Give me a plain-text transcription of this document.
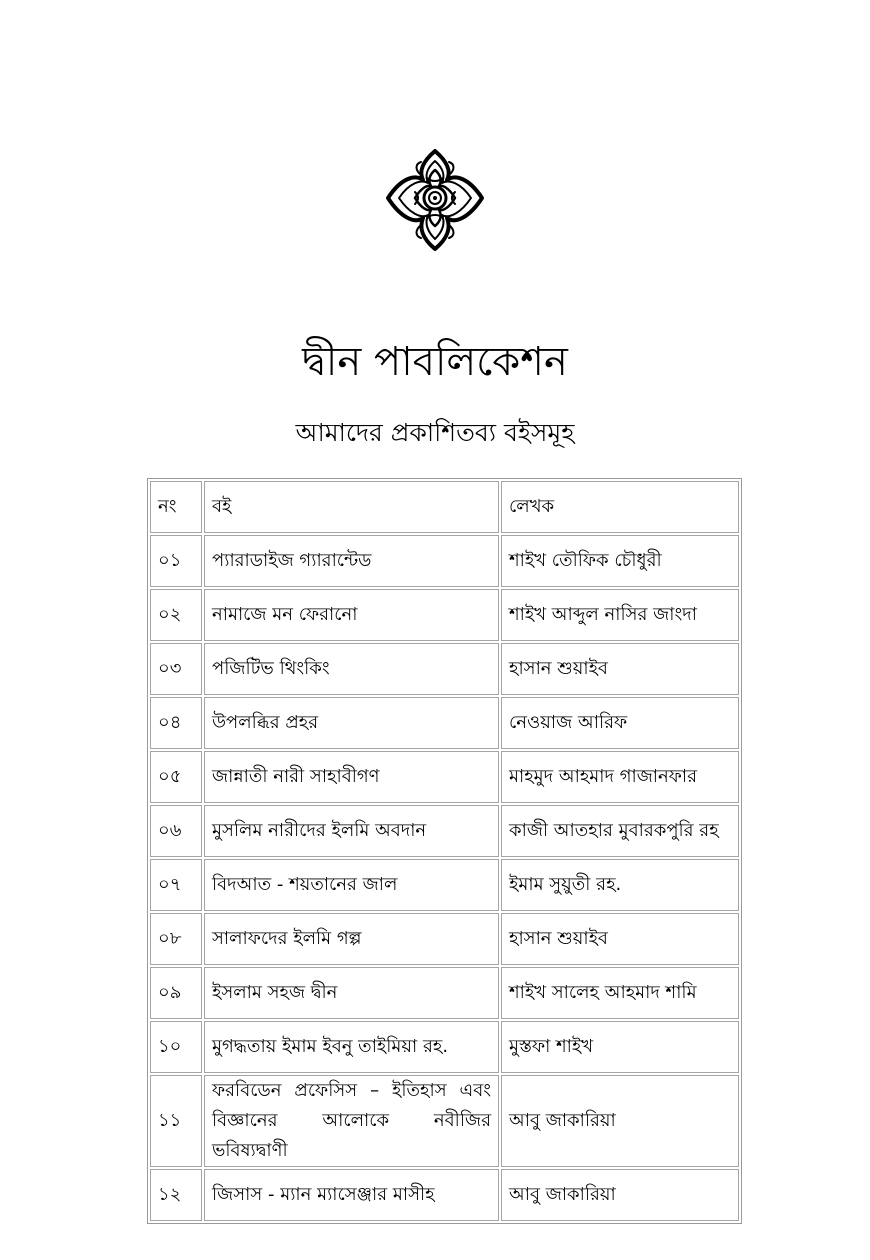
দ্বীন পাবলিকেশন
আমাদের প্রকাশিতব্য বইসমূহ
নং	বই	লেখক
০১	প্যারাডাইজ গ্যারান্টেড	শাইখ তৌফিক চৌধুরী
০২	নামাজে মন ফেরানো	শাইখ আব্দুল নাসির জাংদা
০৩	পজিটিভ থিংকিং	হাসান শুয়াইব
০৪	উপলব্ধির প্রহর	নেওয়াজ আরিফ
০৫	জান্নাতী নারী সাহাবীগণ	মাহমুদ আহমাদ গাজানফার
০৬	মুসলিম নারীদের ইলমি অবদান	কাজী আতহার মুবারকপুরি রহ
০৭	বিদআত - শয়তানের জাল	ইমাম সুয়ুতী রহ.
০৮	সালাফদের ইলমি গল্প	হাসান শুয়াইব
০৯	ইসলাম সহজ দ্বীন	শাইখ সালেহ আহমাদ শামি
১০	মুগদ্ধতায় ইমাম ইবনু তাইমিয়া রহ.	মুস্তফা শাইখ
১১	ফরবিডেন প্রফেসিস – ইতিহাস এবং বিজ্ঞানের আলোকে নবীজির ভবিষ্যদ্বাণী	আবু জাকারিয়া
১২	জিসাস - ম্যান ম্যাসেঞ্জার মাসীহ	আবু জাকারিয়া
